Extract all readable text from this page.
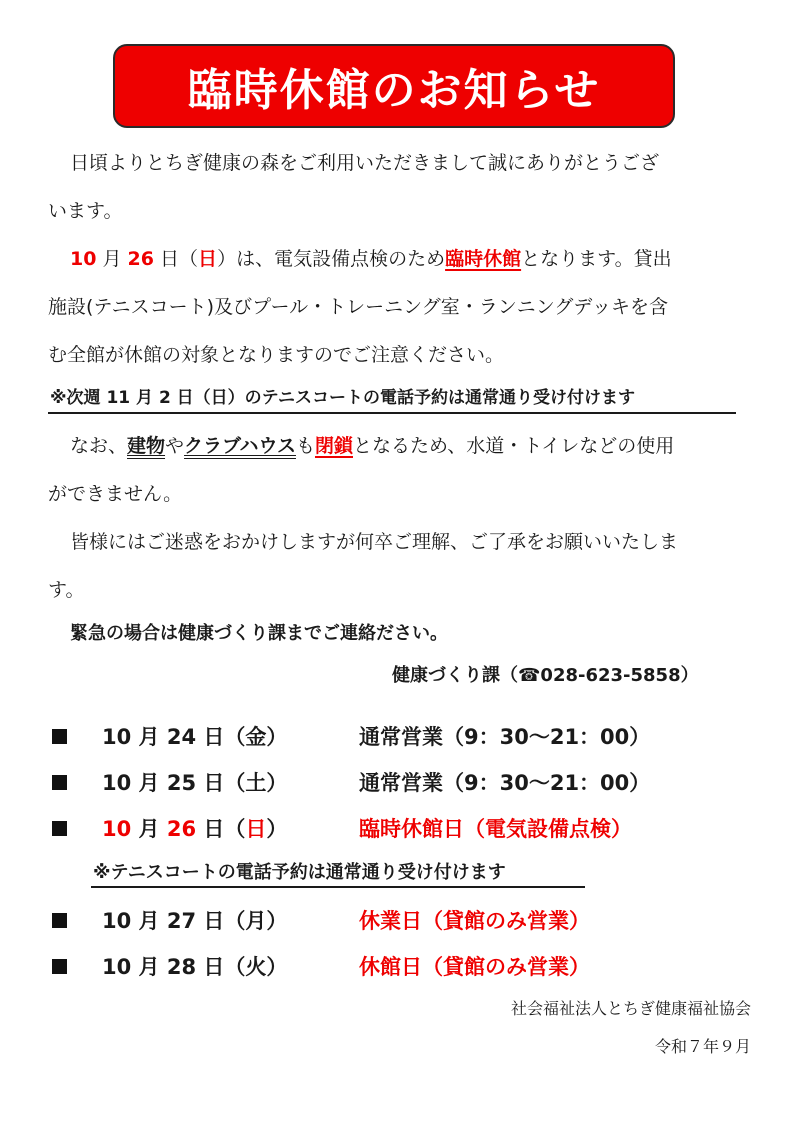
臨時休館のお知らせ
日頃よりとちぎ健康の森をご利用いただきまして誠にありがとうござ
います。
10 月 26 日（日）は、電気設備点検のため臨時休館となります。貸出
施設(テニスコート)及びプール・トレーニング室・ランニングデッキを含
む全館が休館の対象となりますのでご注意ください。
※次週 11 月 2 日（日）のテニスコートの電話予約は通常通り受け付けます
なお、建物やクラブハウスも閉鎖となるため、水道・トイレなどの使用
ができません。
皆様にはご迷惑をおかけしますが何卒ご理解、ご了承をお願いいたしま
す。
緊急の場合は健康づくり課までご連絡ださい。
健康づくり課（☎028-623-5858）
10 月 24 日（金）	通常営業（9：30～21：00）
10 月 25 日（土）	通常営業（9：30～21：00）
10 月 26 日（日）	臨時休館日（電気設備点検）
※テニスコートの電話予約は通常通り受け付けます
10 月 27 日（月）	休業日（貸館のみ営業）
10 月 28 日（火）	休館日（貸館のみ営業）
社会福祉法人とちぎ健康福祉協会
令和７年９月
